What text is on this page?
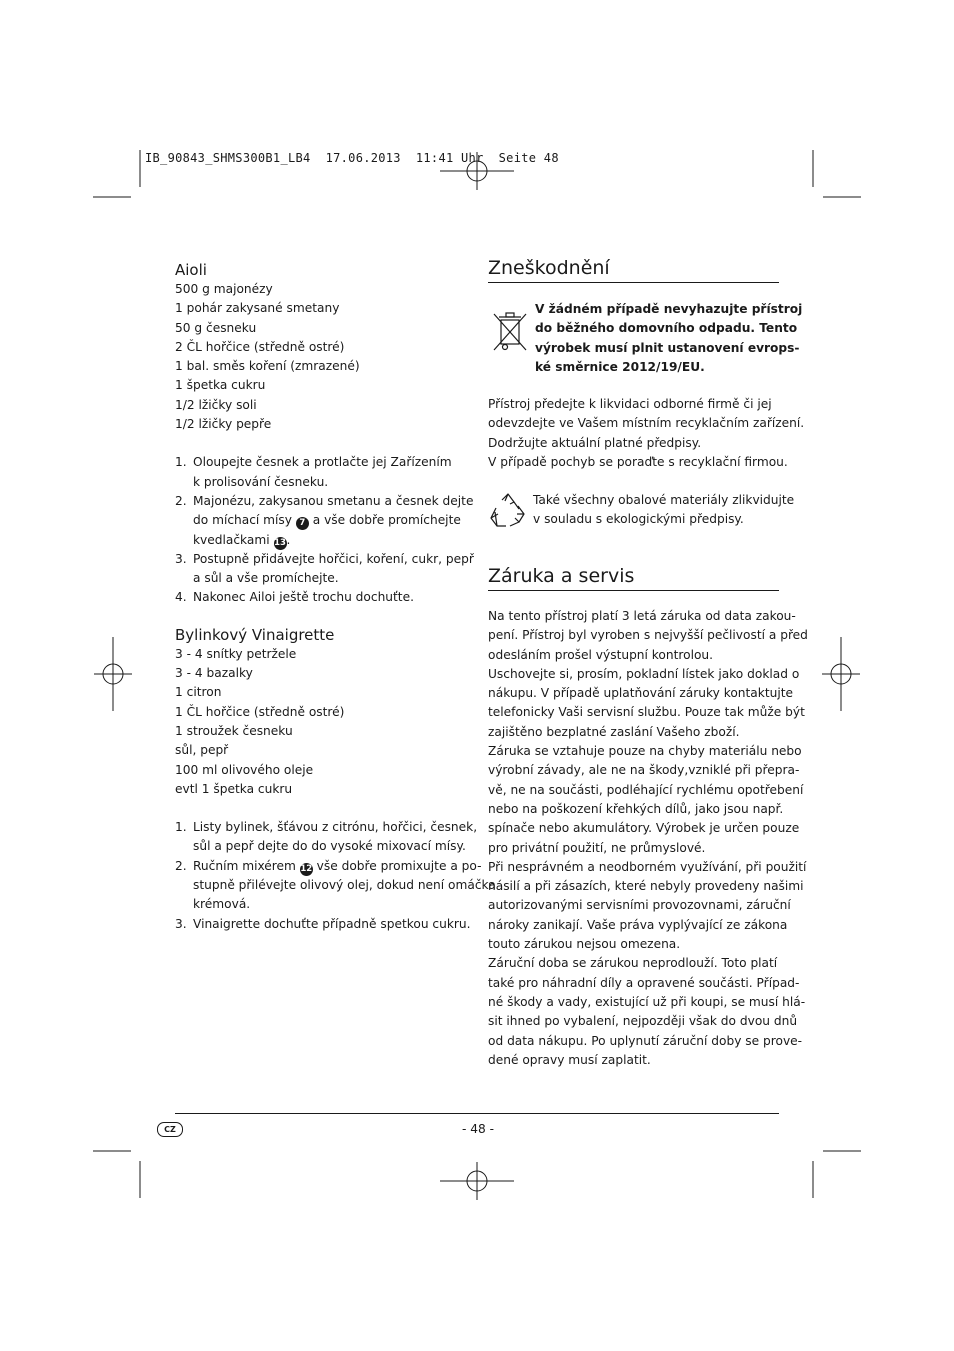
IB_90843_SHMS300B1_LB4  17.06.2013  11:41 Uhr  Seite 48
Aioli
500 g majonézy
1 pohár zakysané smetany
50 g česneku
2 ČL hořčice (středně ostré)
1 bal. směs koření (zmrazené)
1 špetka cukru
1/2 lžičky soli
1/2 lžičky pepře
1. Oloupejte česnek a protlačte jej Zařízením
k prolisování česneku.
2. Majonézu, zakysanou smetanu a česnek dejte
do míchací mísy 7 a vše dobře promíchejte
kvedlačkami 13.
3. Postupně přidávejte hořčici, koření, cukr, pepř
a sůl a vše promíchejte.
4. Nakonec Ailoi ještě trochu dochuťte.
Bylinkový Vinaigrette
3 - 4 snítky petržele
3 - 4 bazalky
1 citron
1 ČL hořčice (středně ostré)
1 stroužek česneku
sůl, pepř
100 ml olivového oleje
evtl 1 špetka cukru
1. Listy bylinek, šťávou z citrónu, hořčici, česnek,
sůl a pepř dejte do do vysoké mixovací mísy.
2. Ručním mixérem 12 vše dobře promixujte a po-
stupně přilévejte olivový olej, dokud není omáčka
krémová.
3. Vinaigrette dochuťte případně spetkou cukru.
Zneškodnění
V žádném případě nevyhazujte přístroj
do běžného domovního odpadu. Tento
výrobek musí plnit ustanovení evrops-
ké směrnice 2012/19/EU.
Přístroj předejte k likvidaci odborné firmě či jej
odevzdejte ve Vašem místním recyklačním zařízení.
Dodržujte aktuální platné předpisy.
V případě pochyb se poraďte s recyklační firmou.
Také všechny obalové materiály zlikvidujte
v souladu s ekologickými předpisy.
Záruka a servis
Na tento přístroj platí 3 letá záruka od data zakou-
pení. Přístroj byl vyroben s nejvyšší pečlivostí a před
odesláním prošel výstupní kontrolou.
Uschovejte si, prosím, pokladní lístek jako doklad o
nákupu. V případě uplatňování záruky kontaktujte
telefonicky Vaši servisní službu. Pouze tak může být
zajištěno bezplatné zaslání Vašeho zboží.
Záruka se vztahuje pouze na chyby materiálu nebo
výrobní závady, ale ne na škody,vzniklé při přepra-
vě, ne na součásti, podléhající rychlému opotřebení
nebo na poškození křehkých dílů, jako jsou např.
spínače nebo akumulátory. Výrobek je určen pouze
pro privátní použití, ne průmyslové.
Při nesprávném a neodborném využívání, při použití
násilí a při zásazích, které nebyly provedeny našimi
autorizovanými servisními provozovnami, záruční
nároky zanikají. Vaše práva vyplývající ze zákona
touto zárukou nejsou omezena.
Záruční doba se zárukou neprodlouží. Toto platí
také pro náhradní díly a opravené součásti. Případ-
né škody a vady, existující už při koupi, se musí hlá-
sit ihned po vybalení, nejpozději však do dvou dnů
od data nákupu. Po uplynutí záruční doby se prove-
dené opravy musí zaplatit.
CZ	- 48 -
